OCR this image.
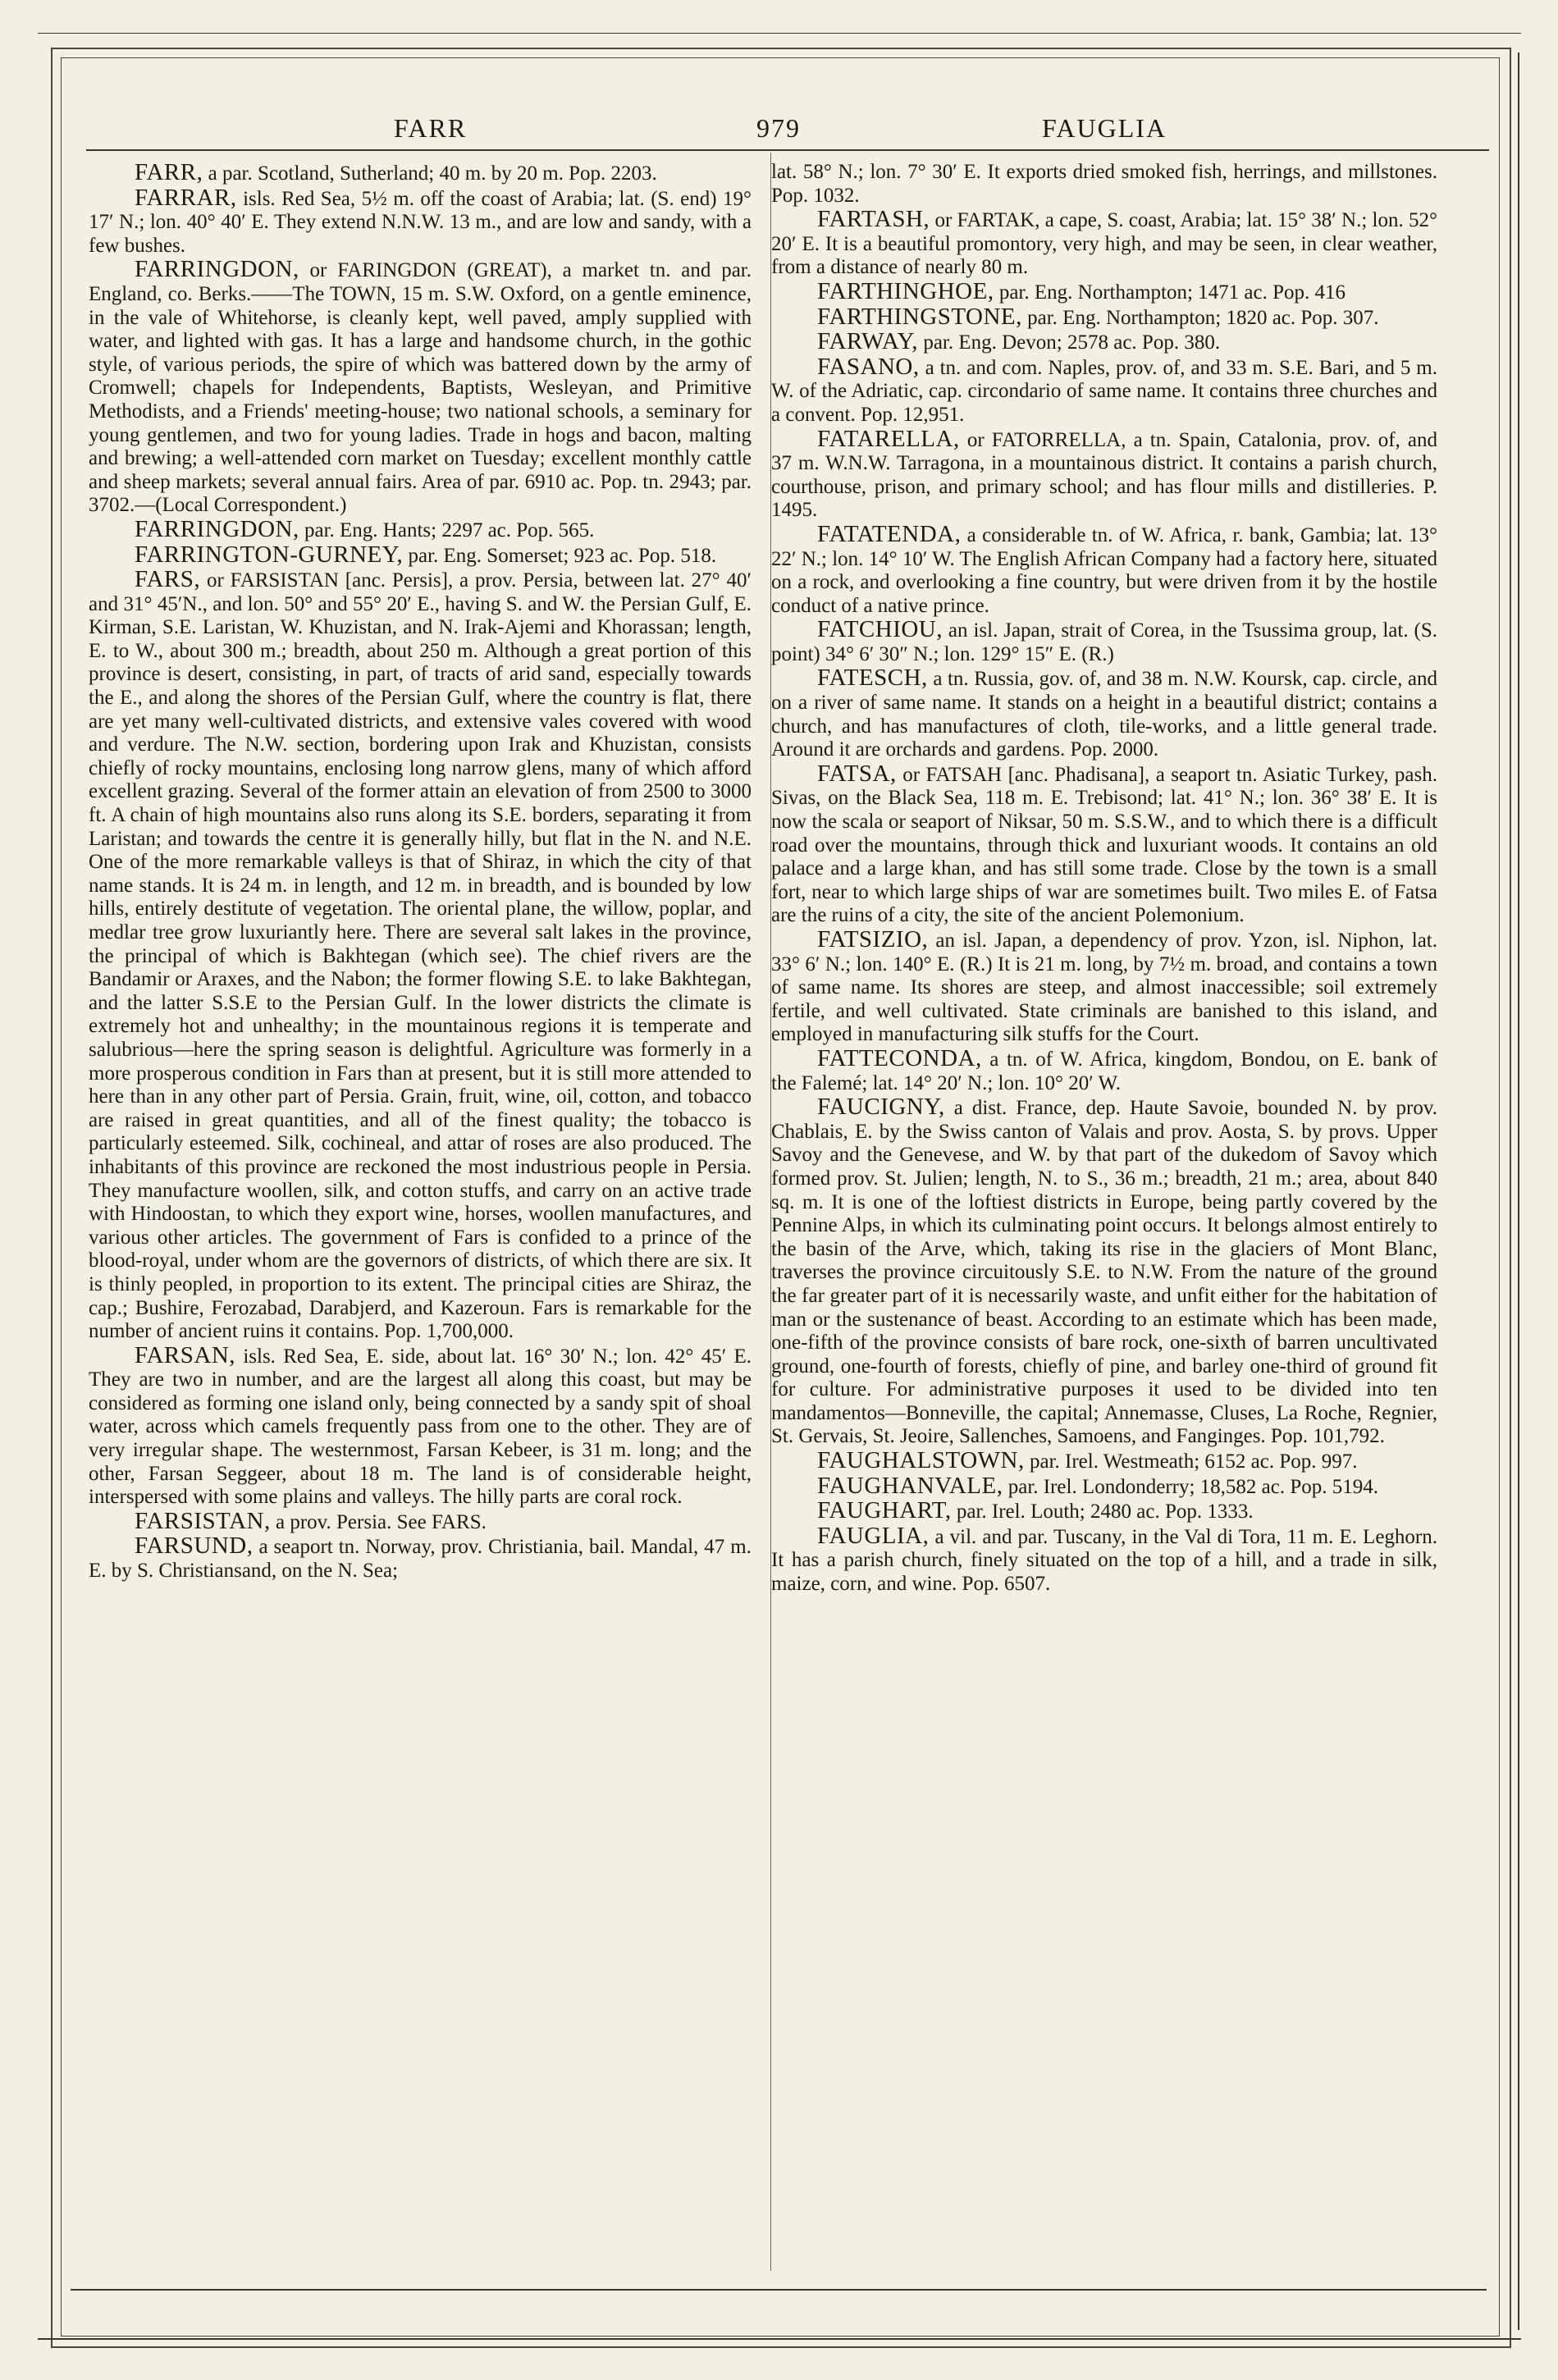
FARR	979	FAUGLIA

FARR, a par. Scotland, Sutherland; 40 m. by 20 m. Pop. 2203.

FARRAR, isls. Red Sea, 5½ m. off the coast of Arabia; lat. (S. end) 19° 17′ N.; lon. 40° 40′ E. They extend N.N.W. 13 m., and are low and sandy, with a few bushes.

FARRINGDON, or FARINGDON (GREAT), a market tn. and par. England, co. Berks.——The TOWN, 15 m. S.W. Oxford, on a gentle eminence, in the vale of Whitehorse, is cleanly kept, well paved, amply supplied with water, and lighted with gas. It has a large and handsome church, in the gothic style, of various periods, the spire of which was battered down by the army of Cromwell; chapels for Independents, Baptists, Wesleyan, and Primitive Methodists, and a Friends' meeting-house; two national schools, a seminary for young gentlemen, and two for young ladies. Trade in hogs and bacon, malting and brewing; a well-attended corn market on Tuesday; excellent monthly cattle and sheep markets; several annual fairs. Area of par. 6910 ac. Pop. tn. 2943; par. 3702.—(Local Correspondent.)

FARRINGDON, par. Eng. Hants; 2297 ac. Pop. 565.

FARRINGTON-GURNEY, par. Eng. Somerset; 923 ac. Pop. 518.

FARS, or FARSISTAN [anc. Persis], a prov. Persia, between lat. 27° 40′ and 31° 45′N., and lon. 50° and 55° 20′ E., having S. and W. the Persian Gulf, E. Kirman, S.E. Laristan, W. Khuzistan, and N. Irak-Ajemi and Khorassan; length, E. to W., about 300 m.; breadth, about 250 m. Although a great portion of this province is desert, consisting, in part, of tracts of arid sand, especially towards the E., and along the shores of the Persian Gulf, where the country is flat, there are yet many well-cultivated districts, and extensive vales covered with wood and verdure. The N.W. section, bordering upon Irak and Khuzistan, consists chiefly of rocky mountains, enclosing long narrow glens, many of which afford excellent grazing. Several of the former attain an elevation of from 2500 to 3000 ft. A chain of high mountains also runs along its S.E. borders, separating it from Laristan; and towards the centre it is generally hilly, but flat in the N. and N.E. One of the more remarkable valleys is that of Shiraz, in which the city of that name stands. It is 24 m. in length, and 12 m. in breadth, and is bounded by low hills, entirely destitute of vegetation. The oriental plane, the willow, poplar, and medlar tree grow luxuriantly here. There are several salt lakes in the province, the principal of which is Bakhtegan (which see). The chief rivers are the Bandamir or Araxes, and the Nabon; the former flowing S.E. to lake Bakhtegan, and the latter S.S.E to the Persian Gulf. In the lower districts the climate is extremely hot and unhealthy; in the mountainous regions it is temperate and salubrious—here the spring season is delightful. Agriculture was formerly in a more prosperous condition in Fars than at present, but it is still more attended to here than in any other part of Persia. Grain, fruit, wine, oil, cotton, and tobacco are raised in great quantities, and all of the finest quality; the tobacco is particularly esteemed. Silk, cochineal, and attar of roses are also produced. The inhabitants of this province are reckoned the most industrious people in Persia. They manufacture woollen, silk, and cotton stuffs, and carry on an active trade with Hindoostan, to which they export wine, horses, woollen manufactures, and various other articles. The government of Fars is confided to a prince of the blood-royal, under whom are the governors of districts, of which there are six. It is thinly peopled, in proportion to its extent. The principal cities are Shiraz, the cap.; Bushire, Ferozabad, Darabjerd, and Kazeroun. Fars is remarkable for the number of ancient ruins it contains. Pop. 1,700,000.

FARSAN, isls. Red Sea, E. side, about lat. 16° 30′ N.; lon. 42° 45′ E. They are two in number, and are the largest all along this coast, but may be considered as forming one island only, being connected by a sandy spit of shoal water, across which camels frequently pass from one to the other. They are of very irregular shape. The westernmost, Farsan Kebeer, is 31 m. long; and the other, Farsan Seggeer, about 18 m. The land is of considerable height, interspersed with some plains and valleys. The hilly parts are coral rock.

FARSISTAN, a prov. Persia. See FARS.

FARSUND, a seaport tn. Norway, prov. Christiania, bail. Mandal, 47 m. E. by S. Christiansand, on the N. Sea;

lat. 58° N.; lon. 7° 30′ E. It exports dried smoked fish, herrings, and millstones. Pop. 1032.

FARTASH, or FARTAK, a cape, S. coast, Arabia; lat. 15° 38′ N.; lon. 52° 20′ E. It is a beautiful promontory, very high, and may be seen, in clear weather, from a distance of nearly 80 m.

FARTHINGHOE, par. Eng. Northampton; 1471 ac. Pop. 416

FARTHINGSTONE, par. Eng. Northampton; 1820 ac. Pop. 307.

FARWAY, par. Eng. Devon; 2578 ac. Pop. 380.

FASANO, a tn. and com. Naples, prov. of, and 33 m. S.E. Bari, and 5 m. W. of the Adriatic, cap. circondario of same name. It contains three churches and a convent. Pop. 12,951.

FATARELLA, or FATORRELLA, a tn. Spain, Catalonia, prov. of, and 37 m. W.N.W. Tarragona, in a mountainous district. It contains a parish church, courthouse, prison, and primary school; and has flour mills and distilleries. P. 1495.

FATATENDA, a considerable tn. of W. Africa, r. bank, Gambia; lat. 13° 22′ N.; lon. 14° 10′ W. The English African Company had a factory here, situated on a rock, and overlooking a fine country, but were driven from it by the hostile conduct of a native prince.

FATCHIOU, an isl. Japan, strait of Corea, in the Tsussima group, lat. (S. point) 34° 6′ 30″ N.; lon. 129° 15″ E. (R.)

FATESCH, a tn. Russia, gov. of, and 38 m. N.W. Koursk, cap. circle, and on a river of same name. It stands on a height in a beautiful district; contains a church, and has manufactures of cloth, tile-works, and a little general trade. Around it are orchards and gardens. Pop. 2000.

FATSA, or FATSAH [anc. Phadisana], a seaport tn. Asiatic Turkey, pash. Sivas, on the Black Sea, 118 m. E. Trebisond; lat. 41° N.; lon. 36° 38′ E. It is now the scala or seaport of Niksar, 50 m. S.S.W., and to which there is a difficult road over the mountains, through thick and luxuriant woods. It contains an old palace and a large khan, and has still some trade. Close by the town is a small fort, near to which large ships of war are sometimes built. Two miles E. of Fatsa are the ruins of a city, the site of the ancient Polemonium.

FATSIZIO, an isl. Japan, a dependency of prov. Yzon, isl. Niphon, lat. 33° 6′ N.; lon. 140° E. (R.) It is 21 m. long, by 7½ m. broad, and contains a town of same name. Its shores are steep, and almost inaccessible; soil extremely fertile, and well cultivated. State criminals are banished to this island, and employed in manufacturing silk stuffs for the Court.

FATTECONDA, a tn. of W. Africa, kingdom, Bondou, on E. bank of the Falemé; lat. 14° 20′ N.; lon. 10° 20′ W.

FAUCIGNY, a dist. France, dep. Haute Savoie, bounded N. by prov. Chablais, E. by the Swiss canton of Valais and prov. Aosta, S. by provs. Upper Savoy and the Genevese, and W. by that part of the dukedom of Savoy which formed prov. St. Julien; length, N. to S., 36 m.; breadth, 21 m.; area, about 840 sq. m. It is one of the loftiest districts in Europe, being partly covered by the Pennine Alps, in which its culminating point occurs. It belongs almost entirely to the basin of the Arve, which, taking its rise in the glaciers of Mont Blanc, traverses the province circuitously S.E. to N.W. From the nature of the ground the far greater part of it is necessarily waste, and unfit either for the habitation of man or the sustenance of beast. According to an estimate which has been made, one-fifth of the province consists of bare rock, one-sixth of barren uncultivated ground, one-fourth of forests, chiefly of pine, and barley one-third of ground fit for culture. For administrative purposes it used to be divided into ten mandamentos—Bonneville, the capital; Annemasse, Cluses, La Roche, Regnier, St. Gervais, St. Jeoire, Sallenches, Samoens, and Fanginges. Pop. 101,792.

FAUGHALSTOWN, par. Irel. Westmeath; 6152 ac. Pop. 997.

FAUGHANVALE, par. Irel. Londonderry; 18,582 ac. Pop. 5194.

FAUGHART, par. Irel. Louth; 2480 ac. Pop. 1333.

FAUGLIA, a vil. and par. Tuscany, in the Val di Tora, 11 m. E. Leghorn. It has a parish church, finely situated on the top of a hill, and a trade in silk, maize, corn, and wine. Pop. 6507.
